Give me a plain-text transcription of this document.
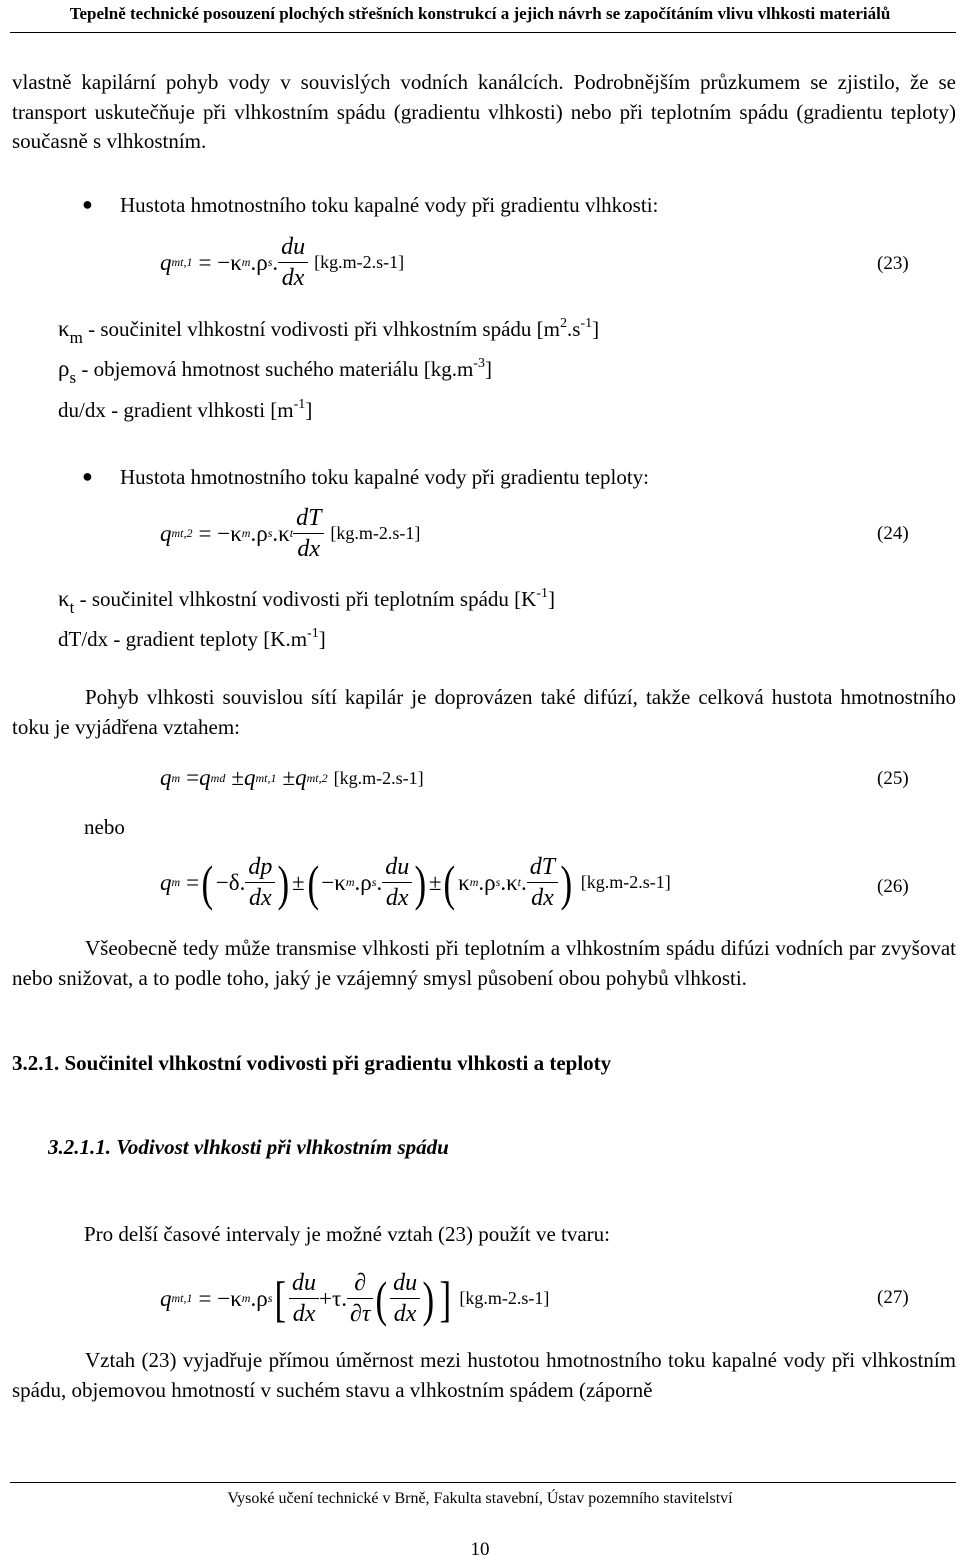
Tepelně technické posouzení plochých střešních konstrukcí a jejich návrh se započítáním vlivu vlhkosti materiálů
vlastně kapilární pohyb vody v souvislých vodních kanálcích. Podrobnějším průzkumem se zjistilo, že se transport uskutečňuje při vlhkostním spádu (gradientu vlhkosti) nebo při teplotním spádu (gradientu teploty) současně s vlhkostním.
● Hustota hmotnostního toku kapalné vody při gradientu vlhkosti:
q mt,1 = −κ m .ρ s . $\frac{du}{dx} [kg.m-2.s-1]$	(23)
$\kappa_m$ - součinitel vlhkostní vodivosti při vlhkostním spádu $[m^2.s^{-1}]$
$\rho_s$ - objemová hmotnost suchého materiálu $[kg.m^{-3}]$
du/dx - gradient vlhkosti $[m^{-1}]$
● Hustota hmotnostního toku kapalné vody při gradientu teploty:
q mt,2 = −κ m .ρ s .κ t $\frac{dT}{dx} [kg.m-2.s-1]$	(24)
$\kappa_t$ - součinitel vlhkostní vodivosti při teplotním spádu $[K^{-1}]$
dT/dx - gradient teploty $[K.m^{-1}]$
Pohyb vlhkosti souvislou sítí kapilár je doprovázen také difúzí, takže celková hustota hmotnostního toku je vyjádřena vztahem:
q m = q md ± q mt,1 ± q mt,2 [kg.m-2.s-1]	(25)
nebo
q m = ( −δ. $\frac{dp}{dx}$ ) ± ( −κ m .ρ s . $\frac{du}{dx}$ ) ± ( κ m .ρ s .κ t . $\frac{dT}{dx}$ ) [kg.m-2.s-1]	(26)
Všeobecně tedy může transmise vlhkosti při teplotním a vlhkostním spádu difúzi vodních par zvyšovat nebo snižovat, a to podle toho, jaký je vzájemný smysl působení obou pohybů vlhkosti.
3.2.1. Součinitel vlhkostní vodivosti při gradientu vlhkosti a teploty
3.2.1.1. Vodivost vlhkosti při vlhkostním spádu
Pro delší časové intervaly je možné vztah (23) použít ve tvaru:
q mt,1 = −κ m .ρ s [ $\frac{du}{dx} +\tau$. $\frac{\partial}{\partial\tau}$ ( $\frac{du}{dx}$ ) ] [kg.m-2.s-1]	(27)
Vztah (23) vyjadřuje přímou úměrnost mezi hustotou hmotnostního toku kapalné vody při vlhkostním spádu, objemovou hmotností v suchém stavu a vlhkostním spádem (záporně
Vysoké učení technické v Brně, Fakulta stavební, Ústav pozemního stavitelství
10
